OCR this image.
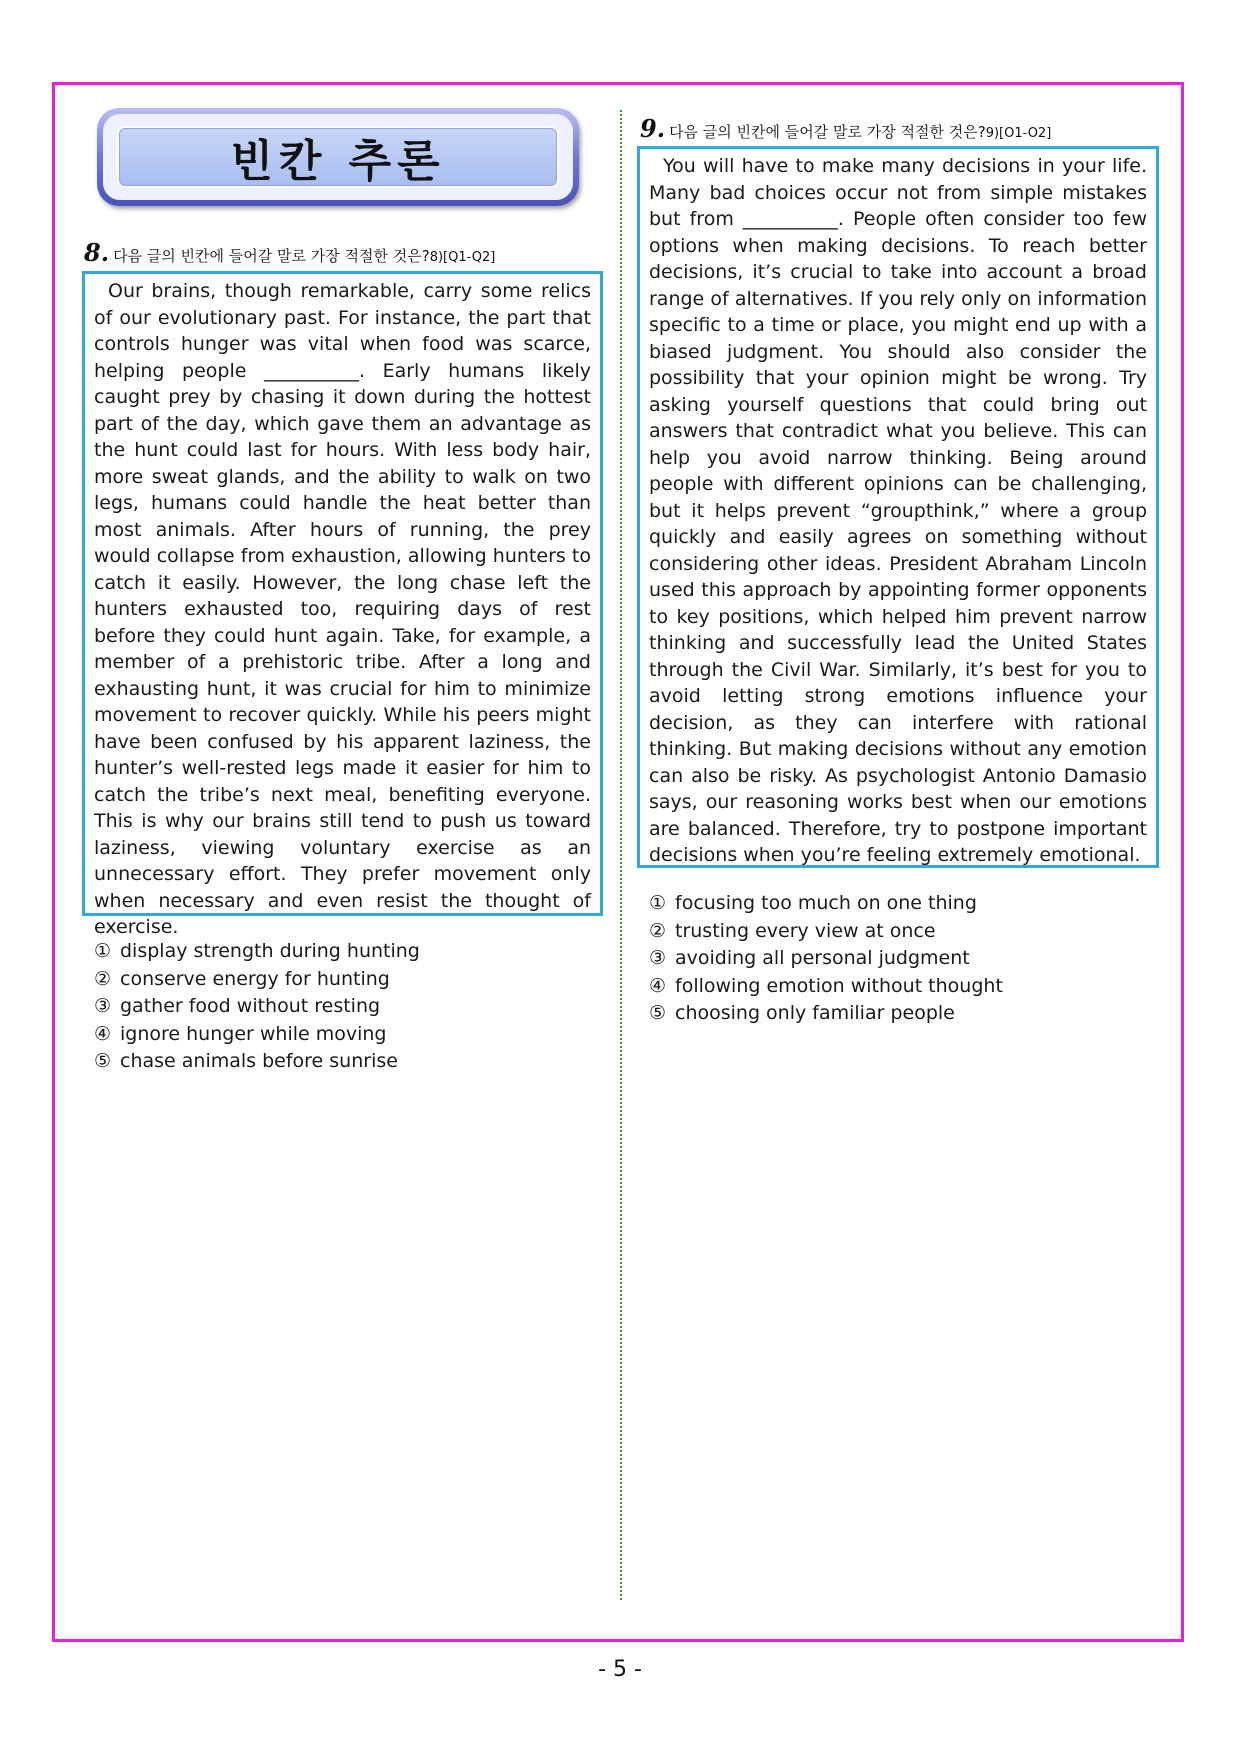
빈칸 추론
8. 다음 글의 빈칸에 들어갈 말로 가장 적절한 것은?8)[Q1-Q2]
Our brains, though remarkable, carry some relics of our evolutionary past. For instance, the part that controls hunger was vital when food was scarce, helping people __________. Early humans likely caught prey by chasing it down during the hottest part of the day, which gave them an advantage as the hunt could last for hours. With less body hair, more sweat glands, and the ability to walk on two legs, humans could handle the heat better than most animals. After hours of running, the prey would collapse from exhaustion, allowing hunters to catch it easily. However, the long chase left the hunters exhausted too, requiring days of rest before they could hunt again. Take, for example, a member of a prehistoric tribe. After a long and exhausting hunt, it was crucial for him to minimize movement to recover quickly. While his peers might have been confused by his apparent laziness, the hunter’s well-rested legs made it easier for him to catch the tribe’s next meal, benefiting everyone. This is why our brains still tend to push us toward laziness, viewing voluntary exercise as an unnecessary effort. They prefer movement only when necessary and even resist the thought of exercise.
① display strength during hunting
② conserve energy for hunting
③ gather food without resting
④ ignore hunger while moving
⑤ chase animals before sunrise
9. 다음 글의 빈칸에 들어갈 말로 가장 적절한 것은?9)[O1-O2]
You will have to make many decisions in your life. Many bad choices occur not from simple mistakes but from __________. People often consider too few options when making decisions. To reach better decisions, it’s crucial to take into account a broad range of alternatives. If you rely only on information specific to a time or place, you might end up with a biased judgment. You should also consider the possibility that your opinion might be wrong. Try asking yourself questions that could bring out answers that contradict what you believe. This can help you avoid narrow thinking. Being around people with different opinions can be challenging, but it helps prevent “groupthink,” where a group quickly and easily agrees on something without considering other ideas. President Abraham Lincoln used this approach by appointing former opponents to key positions, which helped him prevent narrow thinking and successfully lead the United States through the Civil War. Similarly, it’s best for you to avoid letting strong emotions influence your decision, as they can interfere with rational thinking. But making decisions without any emotion can also be risky. As psychologist Antonio Damasio says, our reasoning works best when our emotions are balanced. Therefore, try to postpone important decisions when you’re feeling extremely emotional.
① focusing too much on one thing
② trusting every view at once
③ avoiding all personal judgment
④ following emotion without thought
⑤ choosing only familiar people
- 5 -
